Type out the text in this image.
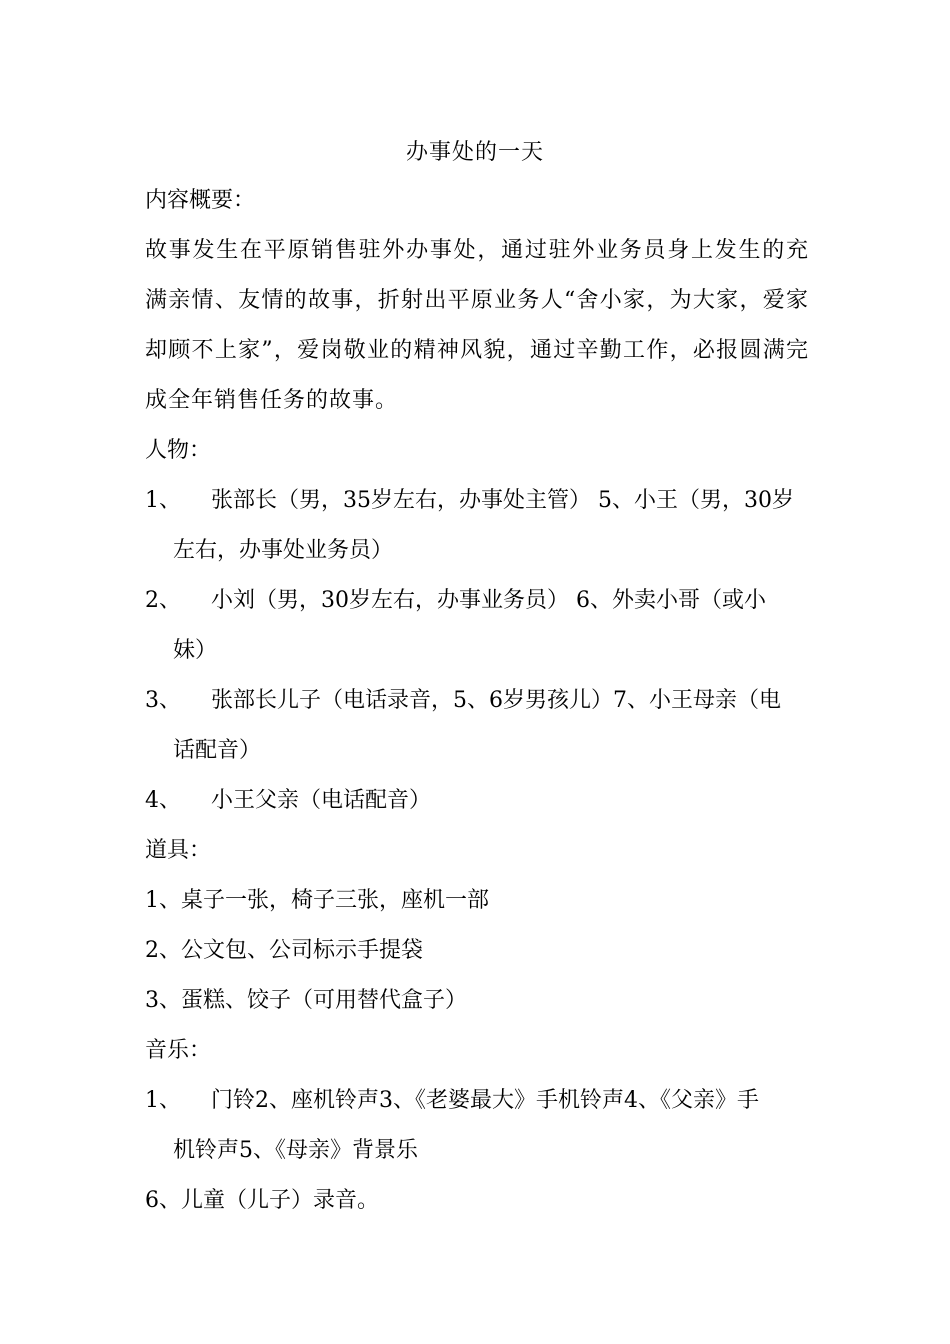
办事处的一天
内容概要：
故事发生在平原销售驻外办事处，通过驻外业务员身上发生的充满亲情、友情的故事，折射出平原业务人“舍小家，为大家，爱家却顾不上家”，爱岗敬业的精神风貌，通过辛勤工作，必报圆满完成全年销售任务的故事。
人物：
1、 张部长（男，35岁左右，办事处主管） 5、小王（男，30岁
左右，办事处业务员）
2、 小刘（男，30岁左右，办事业务员） 6、外卖小哥（或小
妹）
3、 张部长儿子（电话录音，5、6岁男孩儿）7、小王母亲（电
话配音）
4、 小王父亲（电话配音）
道具：
1、桌子一张，椅子三张，座机一部
2、公文包、公司标示手提袋
3、蛋糕、饺子（可用替代盒子）
音乐：
1、 门铃2、座机铃声3、《老婆最大》手机铃声4、《父亲》手
机铃声5、《母亲》背景乐
6、儿童（儿子）录音。
